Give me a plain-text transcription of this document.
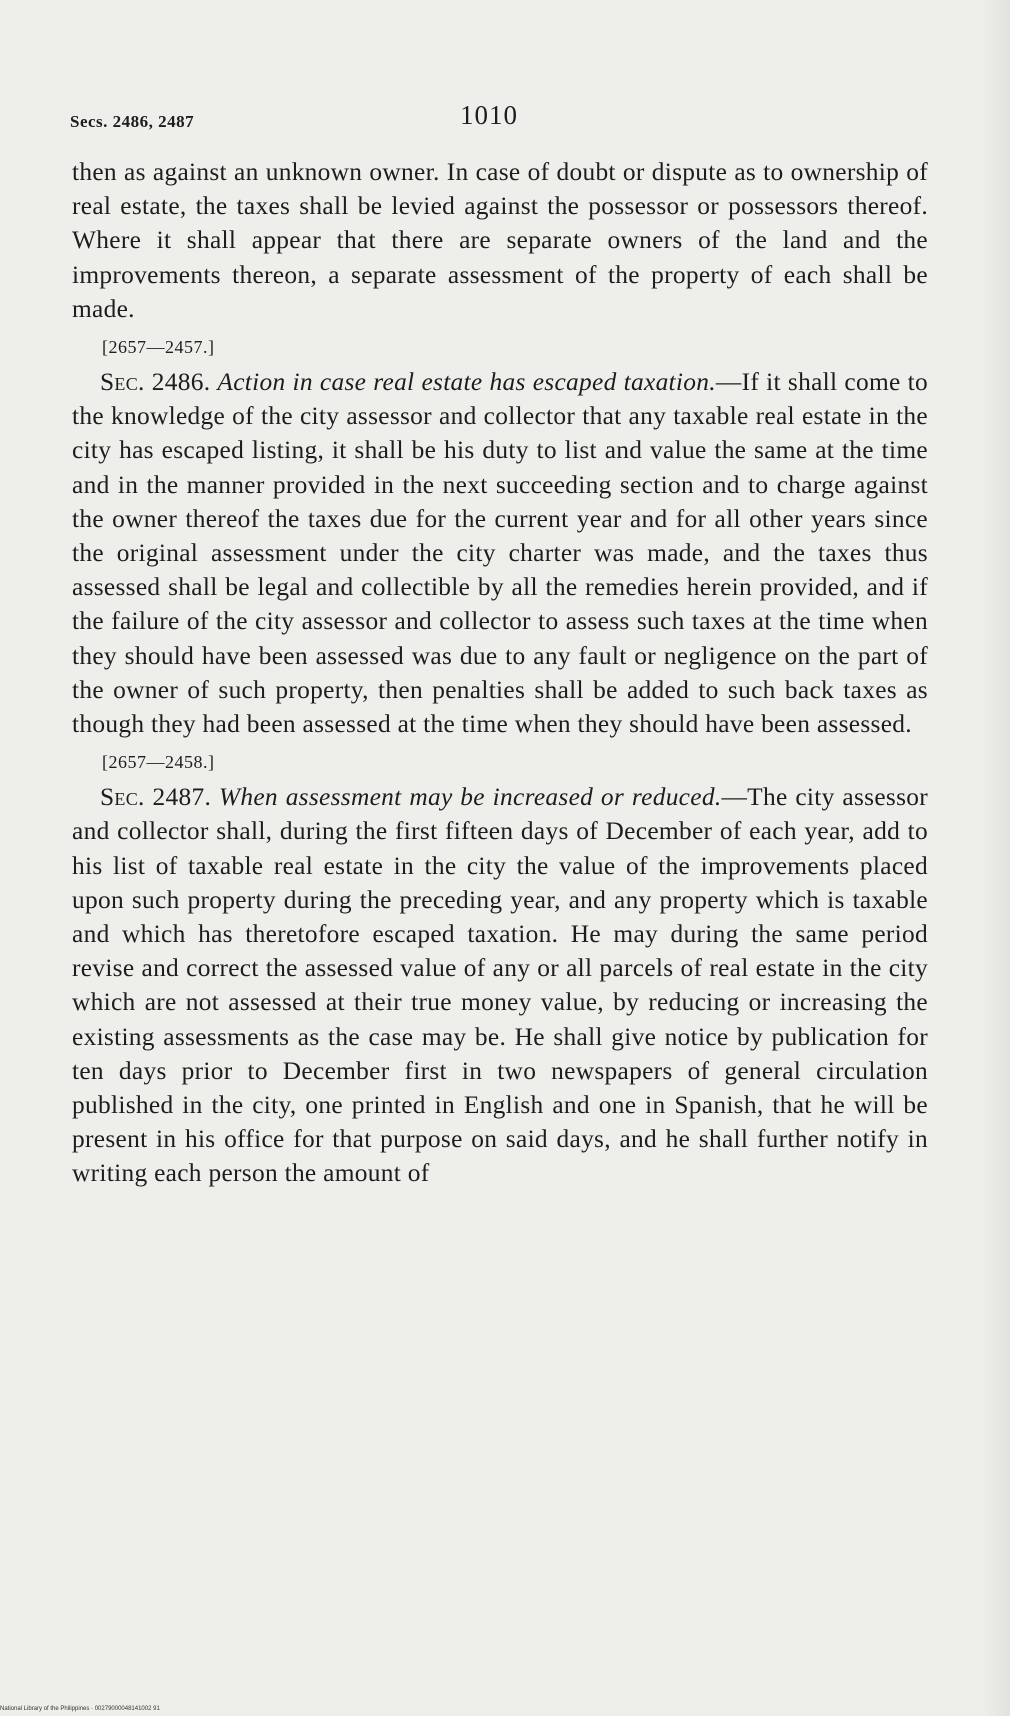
Secs. 2486, 2487	1010

then as against an unknown owner. In case of doubt or dispute as to ownership of real estate, the taxes shall be levied against the possessor or possessors thereof. Where it shall appear that there are separate owners of the land and the improvements thereon, a separate assessment of the property of each shall be made.

[2657—2457.]

Sec. 2486. Action in case real estate has escaped taxation.—If it shall come to the knowledge of the city assessor and collector that any taxable real estate in the city has escaped listing, it shall be his duty to list and value the same at the time and in the manner provided in the next succeeding section and to charge against the owner thereof the taxes due for the current year and for all other years since the original assessment under the city charter was made, and the taxes thus assessed shall be legal and collectible by all the remedies herein provided, and if the failure of the city assessor and collector to assess such taxes at the time when they should have been assessed was due to any fault or negligence on the part of the owner of such property, then penalties shall be added to such back taxes as though they had been assessed at the time when they should have been assessed.

[2657—2458.]

Sec. 2487. When assessment may be increased or reduced.—The city assessor and collector shall, during the first fifteen days of December of each year, add to his list of taxable real estate in the city the value of the improvements placed upon such property during the preceding year, and any property which is taxable and which has theretofore escaped taxation. He may during the same period revise and correct the assessed value of any or all parcels of real estate in the city which are not assessed at their true money value, by reducing or increasing the existing assessments as the case may be. He shall give notice by publication for ten days prior to December first in two newspapers of general circulation published in the city, one printed in English and one in Spanish, that he will be present in his office for that purpose on said days, and he shall further notify in writing each person the amount of

National Library of the Philippines · 00279000048141002 91
